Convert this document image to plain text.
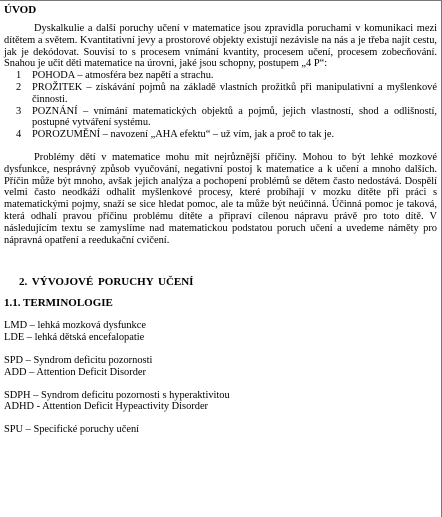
ÚVOD

Dyskalkulie a další poruchy učení v matematice jsou zpravidla poruchami v komunikaci mezi dítětem a světem. Kvantitativní jevy a prostorové objekty existují nezávisle na nás a je třeba najít cestu, jak je dekódovat. Souvisí to s procesem vnímání kvantity, procesem učení, procesem zobecňování. Snahou je učit děti matematice na úrovni, jaké jsou schopny, postupem „4 P“:

1 POHODA – atmosféra bez napětí a strachu.
2 PROŽITEK – získávání pojmů na základě vlastních prožitků při manipulativní a myšlenkové činnosti.
3 POZNÁNÍ – vnímání matematických objektů a pojmů, jejich vlastností, shod a odlišností, postupné vytváření systému.
4 POROZUMĚNÍ – navození „AHA efektu“ – už vím, jak a proč to tak je.

Problémy dětí v matematice mohu mít nejrůznější příčiny. Mohou to být lehké mozkové dysfunkce, nesprávný způsob vyučování, negativní postoj k matematice a k učení a mnoho dalších. Příčin může být mnoho, avšak jejich analýza a pochopení problémů se dětem často nedostává. Dospělí velmi často neodkáží odhalit myšlenkové procesy, které probíhají v mozku dítěte při práci s matematickými pojmy, snaží se sice hledat pomoc, ale ta může být neúčinná. Účinná pomoc je taková, která odhalí pravou příčinu problému dítěte a připraví cílenou nápravu právě pro toto dítě. V následujícím textu se zamyslíme nad matematickou podstatou poruch učení a uvedeme náměty pro nápravná opatření a reedukační cvičení.

2. VÝVOJOVÉ PORUCHY UČENÍ
1.1. TERMINOLOGIE
LMD – lehká mozková dysfunkce
LDE – lehká dětská encefalopatie
SPD – Syndrom deficitu pozornosti
ADD – Attention Deficit Disorder
SDPH – Syndrom deficitu pozornosti s hyperaktivitou
ADHD - Attention Deficit Hypeactivity Disorder
SPU – Specifické poruchy učení
